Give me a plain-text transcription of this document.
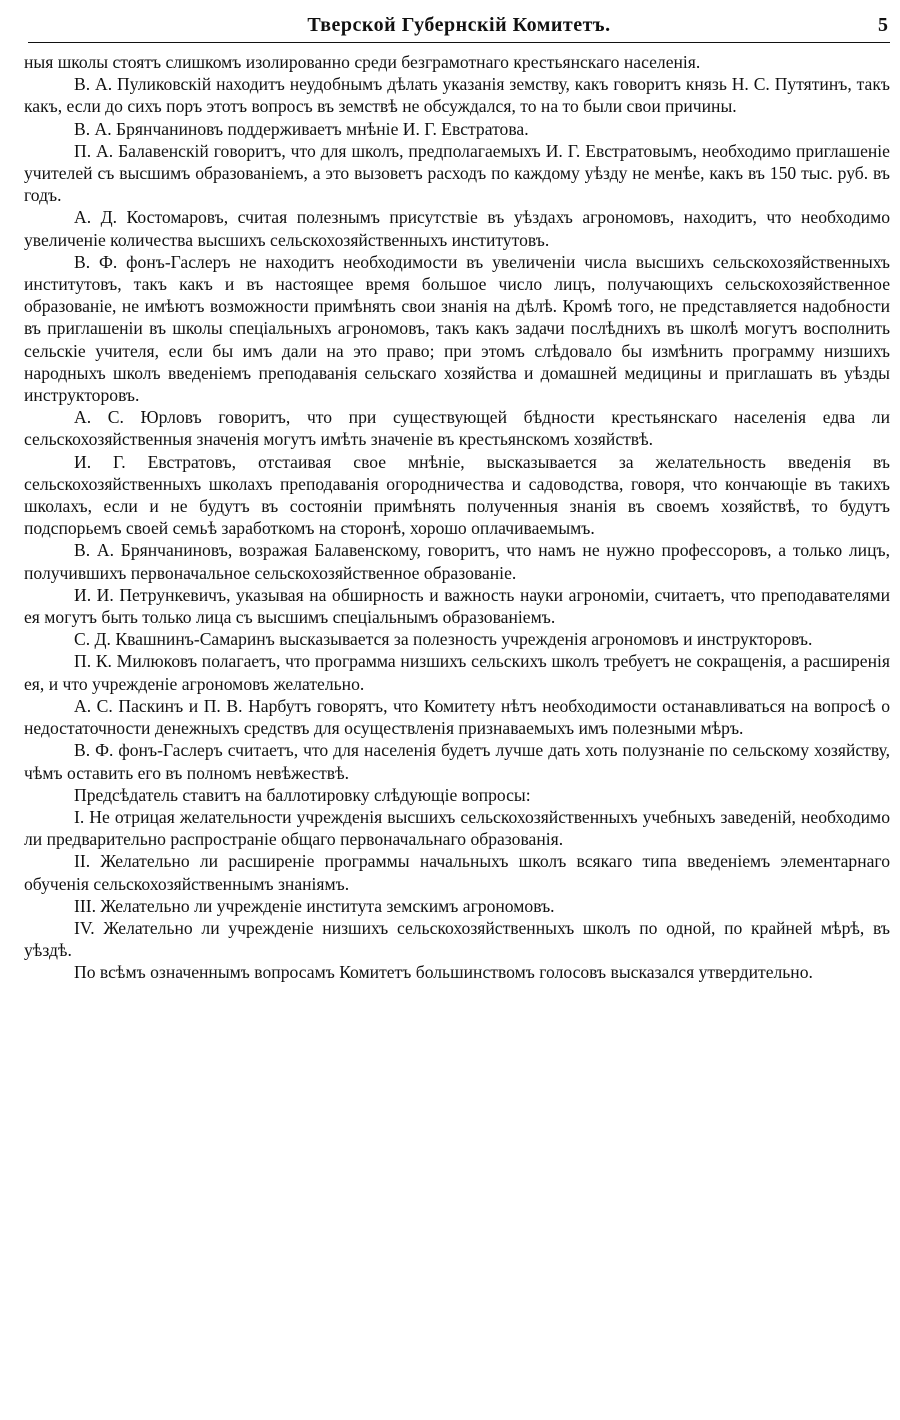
Тверской Губернскій Комитетъ.	5

ныя школы стоятъ слишкомъ изолированно среди безграмотнаго крестьянскаго населенія.

В. А. Пуликовскій находитъ неудобнымъ дѣлать указанія земству, какъ говоритъ князь Н. С. Путятинъ, такъ какъ, если до сихъ поръ этотъ вопросъ въ земствѣ не обсуждался, то на то были свои причины.

В. А. Брянчаниновъ поддерживаетъ мнѣніе И. Г. Евстратова.

П. А. Балавенскій говоритъ, что для школъ, предполагаемыхъ И. Г. Евстратовымъ, необходимо приглашеніе учителей съ высшимъ образованіемъ, а это вызоветъ расходъ по каждому уѣзду не менѣе, какъ въ 150 тыс. руб. въ годъ.

А. Д. Костомаровъ, считая полезнымъ присутствіе въ уѣздахъ агрономовъ, находитъ, что необходимо увеличеніе количества высшихъ сельскохозяйственныхъ институтовъ.

В. Ф. фонъ-Гаслеръ не находитъ необходимости въ увеличеніи числа высшихъ сельскохозяйственныхъ институтовъ, такъ какъ и въ настоящее время большое число лицъ, получающихъ сельскохозяйственное образованіе, не имѣютъ возможности примѣнять свои знанія на дѣлѣ. Кромѣ того, не представляется надобности въ приглашеніи въ школы спеціальныхъ агрономовъ, такъ какъ задачи послѣднихъ въ школѣ могутъ восполнить сельскіе учителя, если бы имъ дали на это право; при этомъ слѣдовало бы измѣнить программу низшихъ народныхъ школъ введеніемъ преподаванія сельскаго хозяйства и домашней медицины и приглашать въ уѣзды инструкторовъ.

А. С. Юрловъ говоритъ, что при существующей бѣдности крестьянскаго населенія едва ли сельскохозяйственныя значенія могутъ имѣть значеніе въ крестьянскомъ хозяйствѣ.

И. Г. Евстратовъ, отстаивая свое мнѣніе, высказывается за желательность введенія въ сельскохозяйственныхъ школахъ преподаванія огородничества и садоводства, говоря, что кончающіе въ такихъ школахъ, если и не будутъ въ состояніи примѣнять полученныя знанія въ своемъ хозяйствѣ, то будутъ подспорьемъ своей семьѣ заработкомъ на сторонѣ, хорошо оплачиваемымъ.

В. А. Брянчаниновъ, возражая Балавенскому, говоритъ, что намъ не нужно профессоровъ, а только лицъ, получившихъ первоначальное сельскохозяйственное образованіе.

И. И. Петрункевичъ, указывая на обширность и важность науки агрономіи, считаетъ, что преподавателями ея могутъ быть только лица съ высшимъ спеціальнымъ образованіемъ.

С. Д. Квашнинъ-Самаринъ высказывается за полезность учрежденія агрономовъ и инструкторовъ.

П. К. Милюковъ полагаетъ, что программа низшихъ сельскихъ школъ требуетъ не сокращенія, а расширенія ея, и что учрежденіе агрономовъ желательно.

А. С. Паскинъ и П. В. Нарбутъ говорятъ, что Комитету нѣтъ необходимости останавливаться на вопросѣ о недостаточности денежныхъ средствъ для осуществленія признаваемыхъ имъ полезными мѣръ.

В. Ф. фонъ-Гаслеръ считаетъ, что для населенія будетъ лучше дать хоть полузнаніе по сельскому хозяйству, чѣмъ оставить его въ полномъ невѣжествѣ.

Предсѣдатель ставитъ на баллотировку слѣдующіе вопросы:

I. Не отрицая желательности учрежденія высшихъ сельскохозяйственныхъ учебныхъ заведеній, необходимо ли предварительно распространіе общаго первоначальнаго образованія.

II. Желательно ли расширеніе программы начальныхъ школъ всякаго типа введеніемъ элементарнаго обученія сельскохозяйственнымъ знаніямъ.

III. Желательно ли учрежденіе института земскимъ агрономовъ.

IV. Желательно ли учрежденіе низшихъ сельскохозяйственныхъ школъ по одной, по крайней мѣрѣ, въ уѣздѣ.

По всѣмъ означеннымъ вопросамъ Комитетъ большинствомъ голосовъ высказался утвердительно.
